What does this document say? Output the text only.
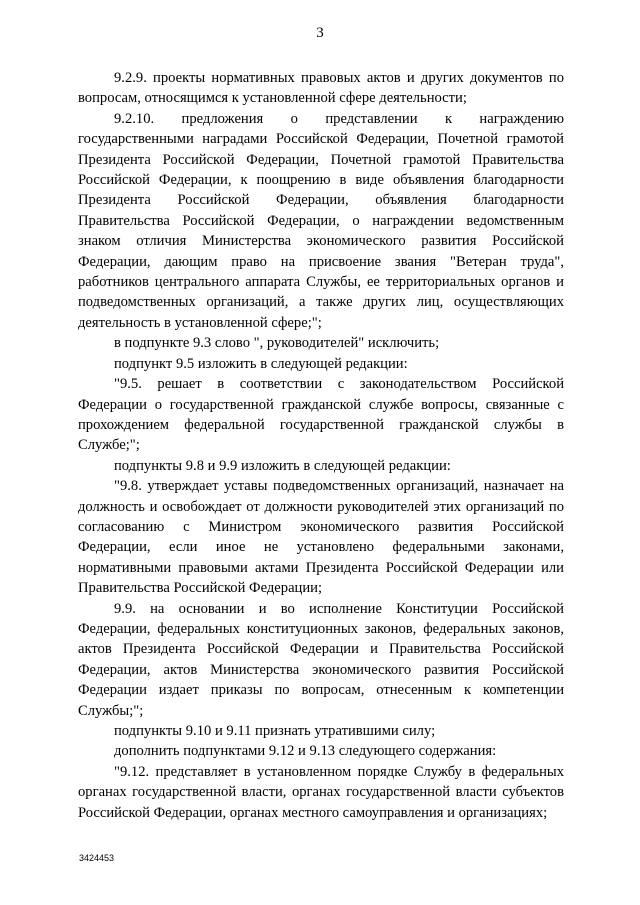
3

9.2.9. проекты нормативных правовых актов и других документов по вопросам, относящимся к установленной сфере деятельности;

9.2.10. предложения о представлении к награждению государственными наградами Российской Федерации, Почетной грамотой Президента Российской Федерации, Почетной грамотой Правительства Российской Федерации, к поощрению в виде объявления благодарности Президента Российской Федерации, объявления благодарности Правительства Российской Федерации, о награждении ведомственным знаком отличия Министерства экономического развития Российской Федерации, дающим право на присвоение звания "Ветеран труда", работников центрального аппарата Службы, ее территориальных органов и подведомственных организаций, а также других лиц, осуществляющих деятельность в установленной сфере;";

в подпункте 9.3 слово ", руководителей" исключить;

подпункт 9.5 изложить в следующей редакции:

"9.5. решает в соответствии с законодательством Российской Федерации о государственной гражданской службе вопросы, связанные с прохождением федеральной государственной гражданской службы в Службе;";

подпункты 9.8 и 9.9 изложить в следующей редакции:

"9.8. утверждает уставы подведомственных организаций, назначает на должность и освобождает от должности руководителей этих организаций по согласованию с Министром экономического развития Российской Федерации, если иное не установлено федеральными законами, нормативными правовыми актами Президента Российской Федерации или Правительства Российской Федерации;

9.9. на основании и во исполнение Конституции Российской Федерации, федеральных конституционных законов, федеральных законов, актов Президента Российской Федерации и Правительства Российской Федерации, актов Министерства экономического развития Российской Федерации издает приказы по вопросам, отнесенным к компетенции Службы;";

подпункты 9.10 и 9.11 признать утратившими силу;

дополнить подпунктами 9.12 и 9.13 следующего содержания:

"9.12. представляет в установленном порядке Службу в федеральных органах государственной власти, органах государственной власти субъектов Российской Федерации, органах местного самоуправления и организациях;

3424453
